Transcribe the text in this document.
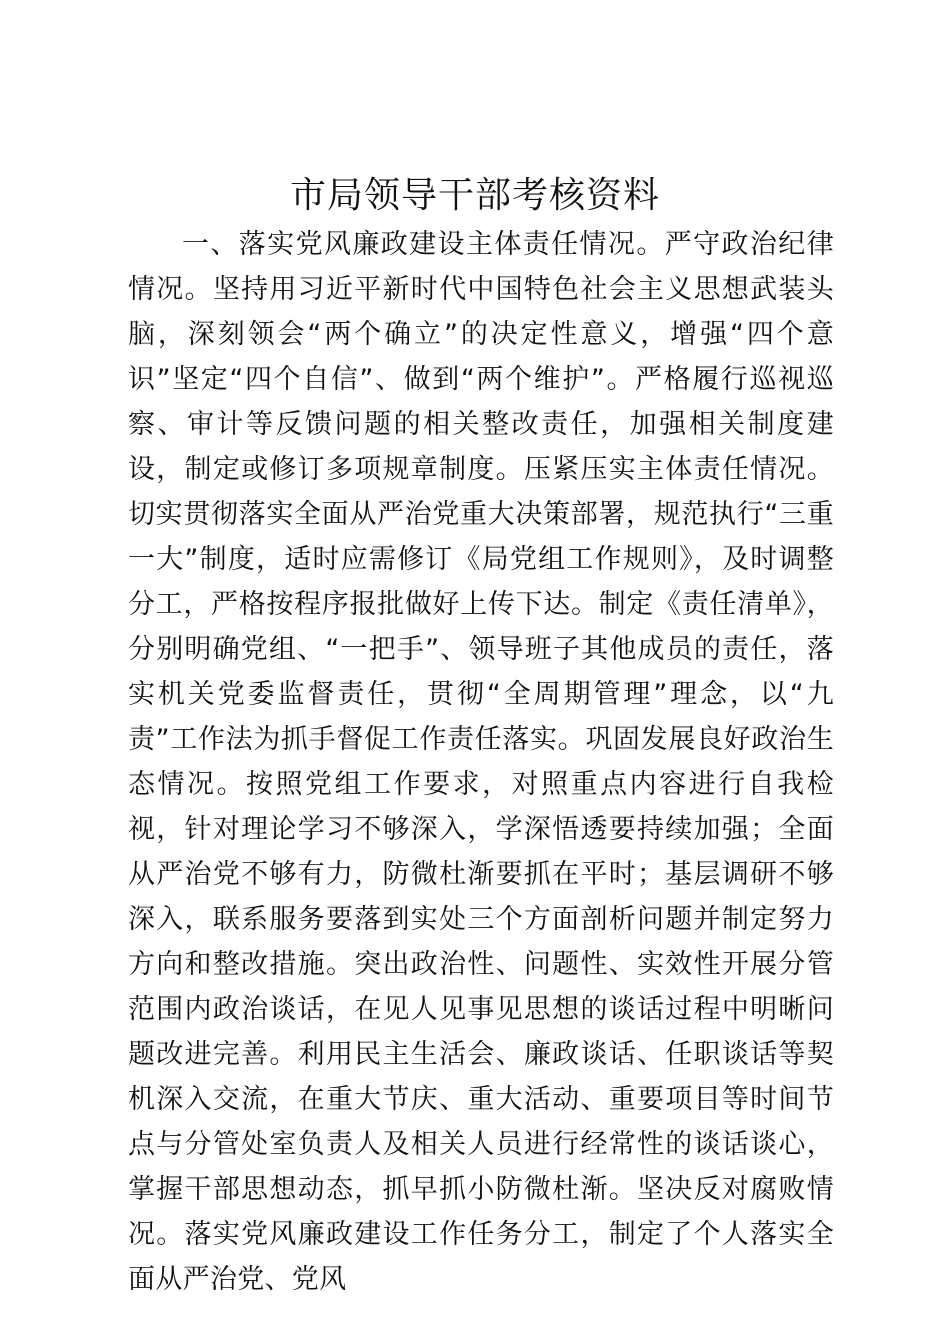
市局领导干部考核资料

一、落实党风廉政建设主体责任情况。严守政治纪律情况。坚持用习近平新时代中国特色社会主义思想武装头脑，深刻领会“两个确立”的决定性意义，增强“四个意识”坚定“四个自信”、做到“两个维护”。严格履行巡视巡察、审计等反馈问题的相关整改责任，加强相关制度建设，制定或修订多项规章制度。压紧压实主体责任情况。切实贯彻落实全面从严治党重大决策部署，规范执行“三重一大”制度，适时应需修订《局党组工作规则》，及时调整分工，严格按程序报批做好上传下达。制定《责任清单》，分别明确党组、“一把手”、领导班子其他成员的责任，落实机关党委监督责任，贯彻“全周期管理”理念，以“九责”工作法为抓手督促工作责任落实。巩固发展良好政治生态情况。按照党组工作要求，对照重点内容进行自我检视，针对理论学习不够深入，学深悟透要持续加强；全面从严治党不够有力，防微杜渐要抓在平时；基层调研不够深入，联系服务要落到实处三个方面剖析问题并制定努力方向和整改措施。突出政治性、问题性、实效性开展分管范围内政治谈话，在见人见事见思想的谈话过程中明晰问题改进完善。利用民主生活会、廉政谈话、任职谈话等契机深入交流，在重大节庆、重大活动、重要项目等时间节点与分管处室负责人及相关人员进行经常性的谈话谈心，掌握干部思想动态，抓早抓小防微杜渐。坚决反对腐败情况。落实党风廉政建设工作任务分工，制定了个人落实全面从严治党、党风
